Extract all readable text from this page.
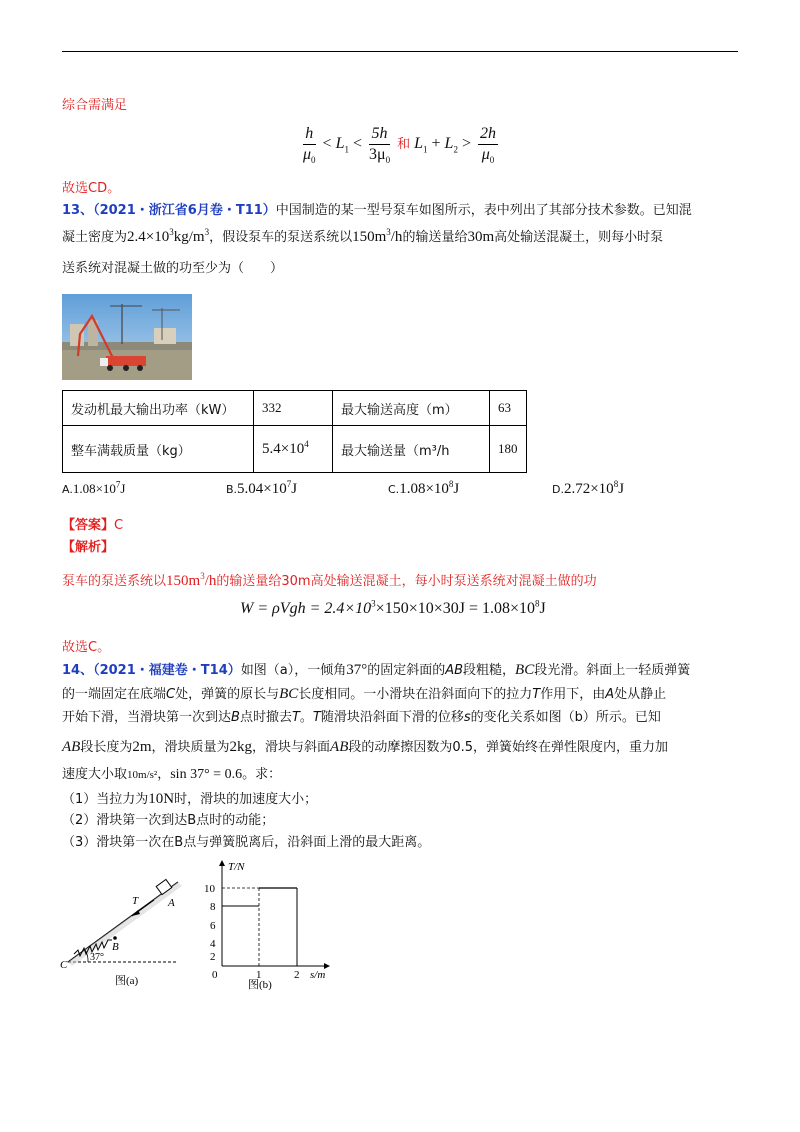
综合需满足
$\frac{h}{\mu_0} < L_1 < \frac{5h}{3\mu_0}$ 和 $L_1 + L_2 > \frac{2h}{\mu_0}$
故选CD。
13、（2021・浙江省6月卷・T11）中国制造的某一型号泵车如图所示，表中列出了其部分技术参数。已知混
凝土密度为$2.4\times 10^3kg/m^3$，假设泵车的泵送系统以$150m^3/h$的输送量给30m高处输送混凝土，则每小时泵
送系统对混凝土做的功至少为（　　）
发动机最大输出功率（kW）	332	最大输送高度（m）	63
整车满载质量（kg）	$5.4\times 10^4$	最大输送量（m³/h	180
$A.1.08\times 10^7J$	$B.5.04\times 10^7J$	$C.1.08\times 10^8J$	$D.2.72\times 10^8J$
【答案】C
【解析】
泵车的泵送系统以$150m^3/h$的输送量给30m高处输送混凝土，每小时泵送系统对混凝土做的功
$W = \rho Vgh = 2.4\times 10^3\times 150\times 10\times 30J = 1.08\times 10^8J$
故选C。
14、（2021・福建卷・T14）如图（a），一倾角37°的固定斜面的AB段粗糙，BC段光滑。斜面上一轻质弹簧
的一端固定在底端C处，弹簧的原长与BC长度相同。一小滑块在沿斜面向下的拉力T作用下，由A处从静止
开始下滑，当滑块第一次到达B点时撤去T。T随滑块沿斜面下滑的位移s的变化关系如图（b）所示。已知
AB段长度为2m，滑块质量为2kg，滑块与斜面AB段的动摩擦因数为0.5，弹簧始终在弹性限度内，重力加
速度大小取10m/s²，sin 37° = 0.6。求：
（1）当拉力为10N时，滑块的加速度大小；
（2）滑块第一次到达B点时的动能；
（3）滑块第一次在B点与弹簧脱离后，沿斜面上滑的最大距离。
T	A
B
C
37°
图(a)
T/N
s/m
10
8
6
4
2
0	1	2
图(b)
